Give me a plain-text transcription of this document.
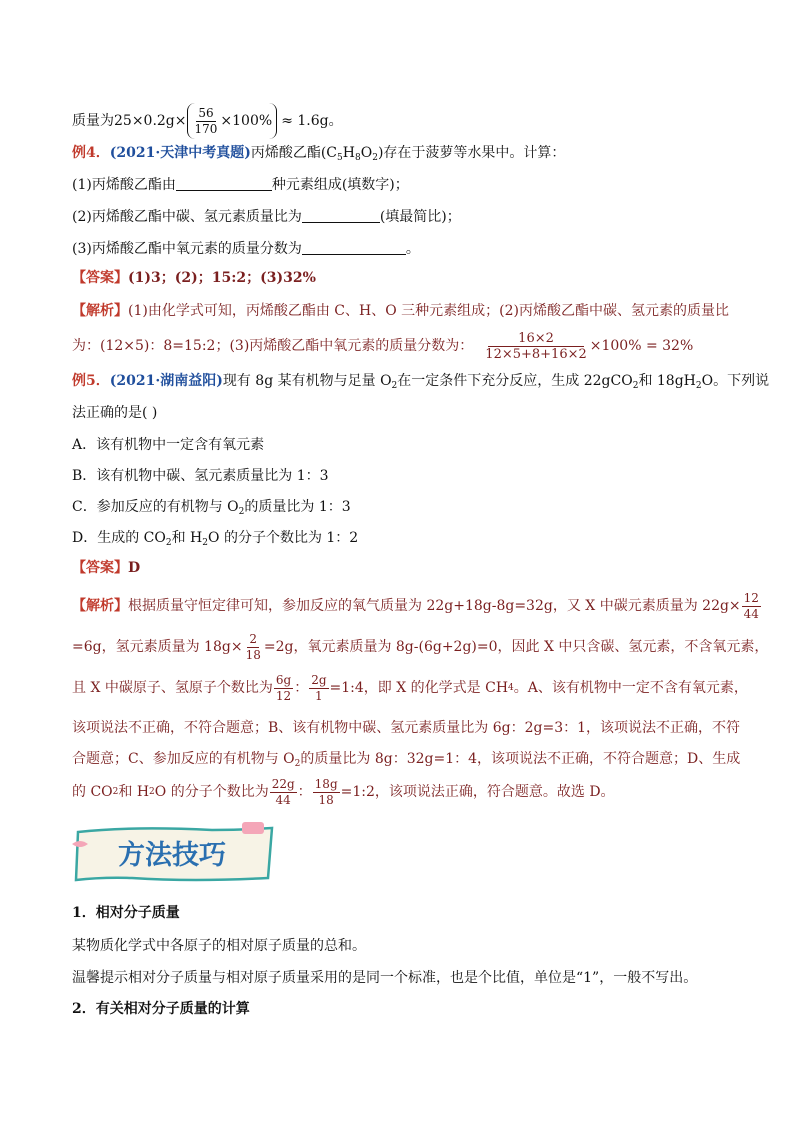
质量为 $25\times 0.2g\times \frac{56}{170} \times 100\% \approx 1.6g$ 。
例4．(2021·天津中考真题)丙烯酸乙酯$(C_5H_8O_2)$存在于菠萝等水果中。计算：
(1)丙烯酸乙酯由	种元素组成(填数字)；
(2)丙烯酸乙酯中碳、氢元素质量比为	(填最简比)；
(3)丙烯酸乙酯中氧元素的质量分数为	。
【答案】(1)3；(2)；15:2；(3)32%
【解析】(1)由化学式可知，丙烯酸乙酯由 C、H、O 三种元素组成；(2)丙烯酸乙酯中碳、氢元素的质量比
为：(12×5)：8=15:2；(3)丙烯酸乙酯中氧元素的质量分数为： $\frac{16\times 2}{12\times 5+8+16\times 2} \times 100\% = 32\%$
例5．(2021·湖南益阳)现有 8g 某有机物与足量 $O_2$在一定条件下充分反应，生成 22gCO$_2$和 $18gH_2O$。下列说
法正确的是( )
A．该有机物中一定含有氧元素
B．该有机物中碳、氢元素质量比为 1：3
C．参加反应的有机物与 $O_2$的质量比为 1：3
D．生成的 $CO_2$和 $H_2O$ 的分子个数比为 1：2
【答案】D
【解析】 根据质量守恒定律可知，参加反应的氧气质量为 22g+18g-8g=32g，又 X 中碳元素质量为 $22g\times \frac{12}{44}$
=6g，氢元素质量为 $18g\times \frac{2}{18} =2g$，氧元素质量为 8g-(6g+2g)=0，因此 X 中只含碳、氢元素，不含氧元素，
且 X 中碳原子、氢原子个数比为 $\frac{6g}{12}$ ： $\frac{2g}{1}$ =1:4，即 X 的化学式是 CH 4 。A、该有机物中一定不含有氧元素，
该项说法不正确，不符合题意；B、该有机物中碳、氢元素质量比为 6g：2g=3：1，该项说法不正确，不符
合题意；C、参加反应的有机物与 $O_2$的质量比为 8g：32g=1：4，该项说法不正确，不符合题意；D、生成
的 CO 2 和 H 2 O 的分子个数比为 $\frac{22g}{44}$ ： $\frac{18g}{18}$ =1:2，该项说法正确，符合题意。故选 D。
方法技巧
1．相对分子质量
某物质化学式中各原子的相对原子质量的总和。
温馨提示相对分子质量与相对原子质量采用的是同一个标准，也是个比值，单位是“1”，一般不写出。
2．有关相对分子质量的计算
